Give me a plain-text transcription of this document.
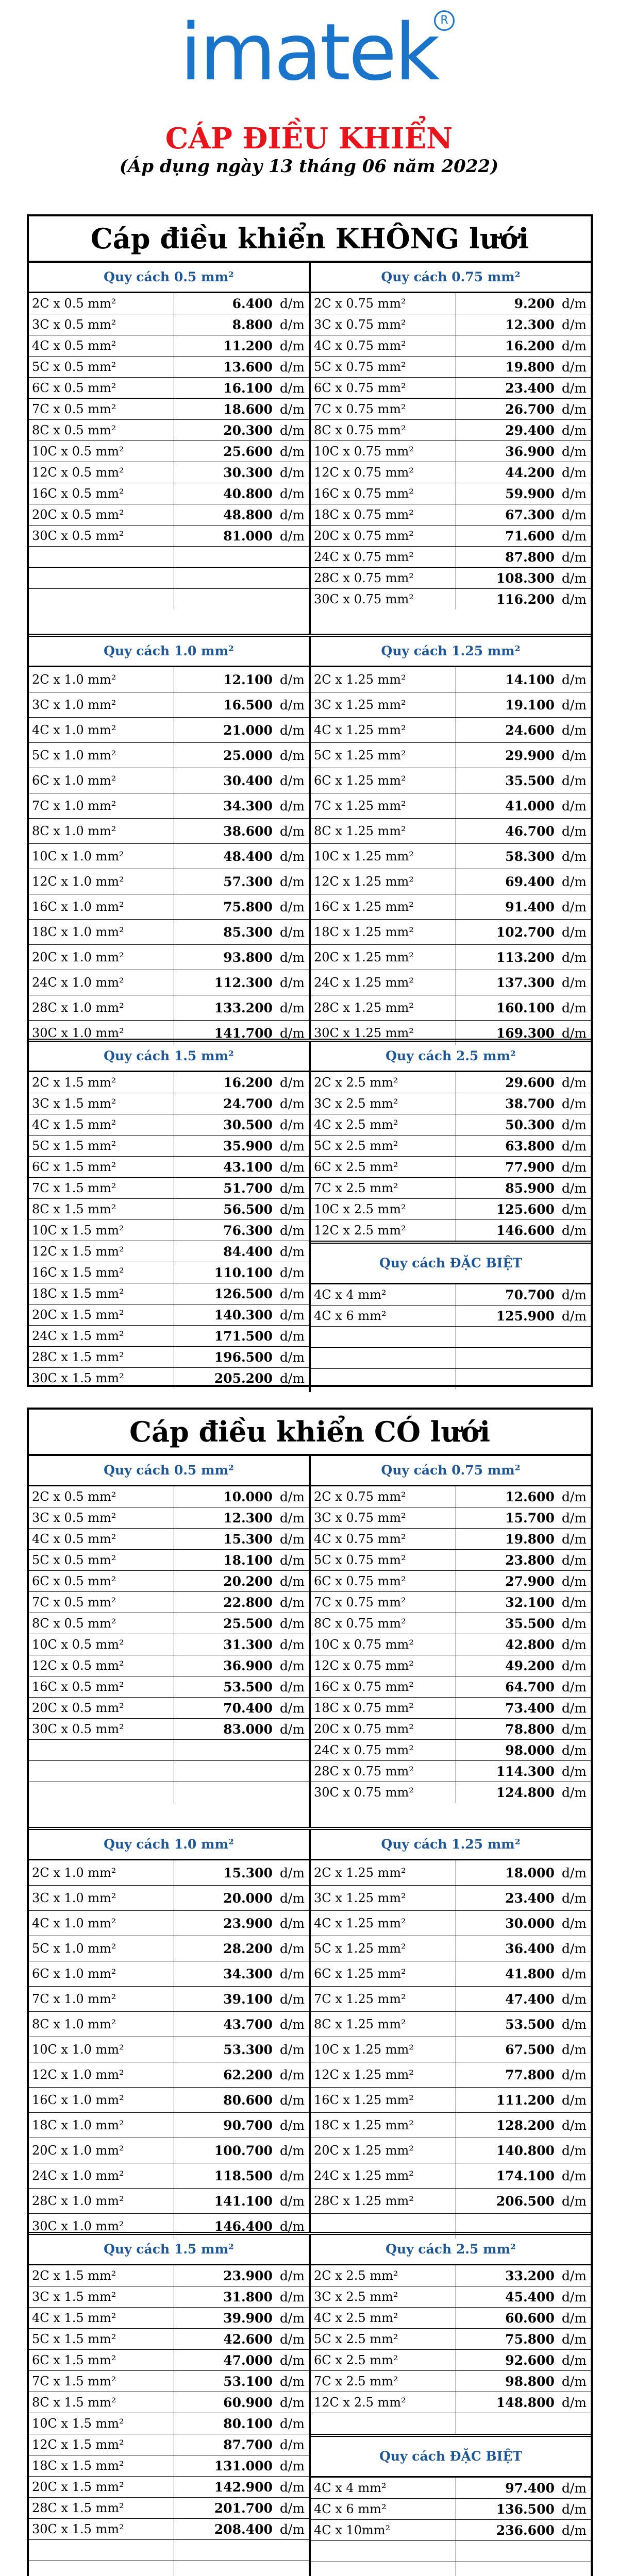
imatek R
CÁP ĐIỀU KHIỂN
(Áp dụng ngày 13 tháng 06 năm 2022)
Cáp điều khiển KHÔNG lưới
Quy cách 0.5 mm²
2C x 0.5 mm²	6.400 d/m
3C x 0.5 mm²	8.800 d/m
4C x 0.5 mm²	11.200 d/m
5C x 0.5 mm²	13.600 d/m
6C x 0.5 mm²	16.100 d/m
7C x 0.5 mm²	18.600 d/m
8C x 0.5 mm²	20.300 d/m
10C x 0.5 mm²	25.600 d/m
12C x 0.5 mm²	30.300 d/m
16C x 0.5 mm²	40.800 d/m
20C x 0.5 mm²	48.800 d/m
30C x 0.5 mm²	81.000 d/m
Quy cách 0.75 mm²
2C x 0.75 mm²	9.200 d/m
3C x 0.75 mm²	12.300 d/m
4C x 0.75 mm²	16.200 d/m
5C x 0.75 mm²	19.800 d/m
6C x 0.75 mm²	23.400 d/m
7C x 0.75 mm²	26.700 d/m
8C x 0.75 mm²	29.400 d/m
10C x 0.75 mm²	36.900 d/m
12C x 0.75 mm²	44.200 d/m
16C x 0.75 mm²	59.900 d/m
18C x 0.75 mm²	67.300 d/m
20C x 0.75 mm²	71.600 d/m
24C x 0.75 mm²	87.800 d/m
28C x 0.75 mm²	108.300 d/m
30C x 0.75 mm²	116.200 d/m
Quy cách 1.0 mm²
2C x 1.0 mm²	12.100 d/m
3C x 1.0 mm²	16.500 d/m
4C x 1.0 mm²	21.000 d/m
5C x 1.0 mm²	25.000 d/m
6C x 1.0 mm²	30.400 d/m
7C x 1.0 mm²	34.300 d/m
8C x 1.0 mm²	38.600 d/m
10C x 1.0 mm²	48.400 d/m
12C x 1.0 mm²	57.300 d/m
16C x 1.0 mm²	75.800 d/m
18C x 1.0 mm²	85.300 d/m
20C x 1.0 mm²	93.800 d/m
24C x 1.0 mm²	112.300 d/m
28C x 1.0 mm²	133.200 d/m
30C x 1.0 mm²	141.700 d/m
Quy cách 1.25 mm²
2C x 1.25 mm²	14.100 d/m
3C x 1.25 mm²	19.100 d/m
4C x 1.25 mm²	24.600 d/m
5C x 1.25 mm²	29.900 d/m
6C x 1.25 mm²	35.500 d/m
7C x 1.25 mm²	41.000 d/m
8C x 1.25 mm²	46.700 d/m
10C x 1.25 mm²	58.300 d/m
12C x 1.25 mm²	69.400 d/m
16C x 1.25 mm²	91.400 d/m
18C x 1.25 mm²	102.700 d/m
20C x 1.25 mm²	113.200 d/m
24C x 1.25 mm²	137.300 d/m
28C x 1.25 mm²	160.100 d/m
30C x 1.25 mm²	169.300 d/m
Quy cách 1.5 mm²
2C x 1.5 mm²	16.200 d/m
3C x 1.5 mm²	24.700 d/m
4C x 1.5 mm²	30.500 d/m
5C x 1.5 mm²	35.900 d/m
6C x 1.5 mm²	43.100 d/m
7C x 1.5 mm²	51.700 d/m
8C x 1.5 mm²	56.500 d/m
10C x 1.5 mm²	76.300 d/m
12C x 1.5 mm²	84.400 d/m
16C x 1.5 mm²	110.100 d/m
18C x 1.5 mm²	126.500 d/m
20C x 1.5 mm²	140.300 d/m
24C x 1.5 mm²	171.500 d/m
28C x 1.5 mm²	196.500 d/m
30C x 1.5 mm²	205.200 d/m
Quy cách 2.5 mm²
2C x 2.5 mm²	29.600 d/m
3C x 2.5 mm²	38.700 d/m
4C x 2.5 mm²	50.300 d/m
5C x 2.5 mm²	63.800 d/m
6C x 2.5 mm²	77.900 d/m
7C x 2.5 mm²	85.900 d/m
10C x 2.5 mm²	125.600 d/m
12C x 2.5 mm²	146.600 d/m
Quy cách ĐẶC BIỆT
4C x 4 mm²	70.700 d/m
4C x 6 mm²	125.900 d/m
Cáp điều khiển CÓ lưới
Quy cách 0.5 mm²
2C x 0.5 mm²	10.000 d/m
3C x 0.5 mm²	12.300 d/m
4C x 0.5 mm²	15.300 d/m
5C x 0.5 mm²	18.100 d/m
6C x 0.5 mm²	20.200 d/m
7C x 0.5 mm²	22.800 d/m
8C x 0.5 mm²	25.500 d/m
10C x 0.5 mm²	31.300 d/m
12C x 0.5 mm²	36.900 d/m
16C x 0.5 mm²	53.500 d/m
20C x 0.5 mm²	70.400 d/m
30C x 0.5 mm²	83.000 d/m
Quy cách 0.75 mm²
2C x 0.75 mm²	12.600 d/m
3C x 0.75 mm²	15.700 d/m
4C x 0.75 mm²	19.800 d/m
5C x 0.75 mm²	23.800 d/m
6C x 0.75 mm²	27.900 d/m
7C x 0.75 mm²	32.100 d/m
8C x 0.75 mm²	35.500 d/m
10C x 0.75 mm²	42.800 d/m
12C x 0.75 mm²	49.200 d/m
16C x 0.75 mm²	64.700 d/m
18C x 0.75 mm²	73.400 d/m
20C x 0.75 mm²	78.800 d/m
24C x 0.75 mm²	98.000 d/m
28C x 0.75 mm²	114.300 d/m
30C x 0.75 mm²	124.800 d/m
Quy cách 1.0 mm²
2C x 1.0 mm²	15.300 d/m
3C x 1.0 mm²	20.000 d/m
4C x 1.0 mm²	23.900 d/m
5C x 1.0 mm²	28.200 d/m
6C x 1.0 mm²	34.300 d/m
7C x 1.0 mm²	39.100 d/m
8C x 1.0 mm²	43.700 d/m
10C x 1.0 mm²	53.300 d/m
12C x 1.0 mm²	62.200 d/m
16C x 1.0 mm²	80.600 d/m
18C x 1.0 mm²	90.700 d/m
20C x 1.0 mm²	100.700 d/m
24C x 1.0 mm²	118.500 d/m
28C x 1.0 mm²	141.100 d/m
30C x 1.0 mm²	146.400 d/m
Quy cách 1.25 mm²
2C x 1.25 mm²	18.000 d/m
3C x 1.25 mm²	23.400 d/m
4C x 1.25 mm²	30.000 d/m
5C x 1.25 mm²	36.400 d/m
6C x 1.25 mm²	41.800 d/m
7C x 1.25 mm²	47.400 d/m
8C x 1.25 mm²	53.500 d/m
10C x 1.25 mm²	67.500 d/m
12C x 1.25 mm²	77.800 d/m
16C x 1.25 mm²	111.200 d/m
18C x 1.25 mm²	128.200 d/m
20C x 1.25 mm²	140.800 d/m
24C x 1.25 mm²	174.100 d/m
28C x 1.25 mm²	206.500 d/m
Quy cách 1.5 mm²
2C x 1.5 mm²	23.900 d/m
3C x 1.5 mm²	31.800 d/m
4C x 1.5 mm²	39.900 d/m
5C x 1.5 mm²	42.600 d/m
6C x 1.5 mm²	47.000 d/m
7C x 1.5 mm²	53.100 d/m
8C x 1.5 mm²	60.900 d/m
10C x 1.5 mm²	80.100 d/m
12C x 1.5 mm²	87.700 d/m
18C x 1.5 mm²	131.000 d/m
20C x 1.5 mm²	142.900 d/m
28C x 1.5 mm²	201.700 d/m
30C x 1.5 mm²	208.400 d/m
Quy cách 2.5 mm²
2C x 2.5 mm²	33.200 d/m
3C x 2.5 mm²	45.400 d/m
4C x 2.5 mm²	60.600 d/m
5C x 2.5 mm²	75.800 d/m
6C x 2.5 mm²	92.600 d/m
7C x 2.5 mm²	98.800 d/m
12C x 2.5 mm²	148.800 d/m
Quy cách ĐẶC BIỆT
4C x 4 mm²	97.400 d/m
4C x 6 mm²	136.500 d/m
4C x 10mm²	236.600 d/m
